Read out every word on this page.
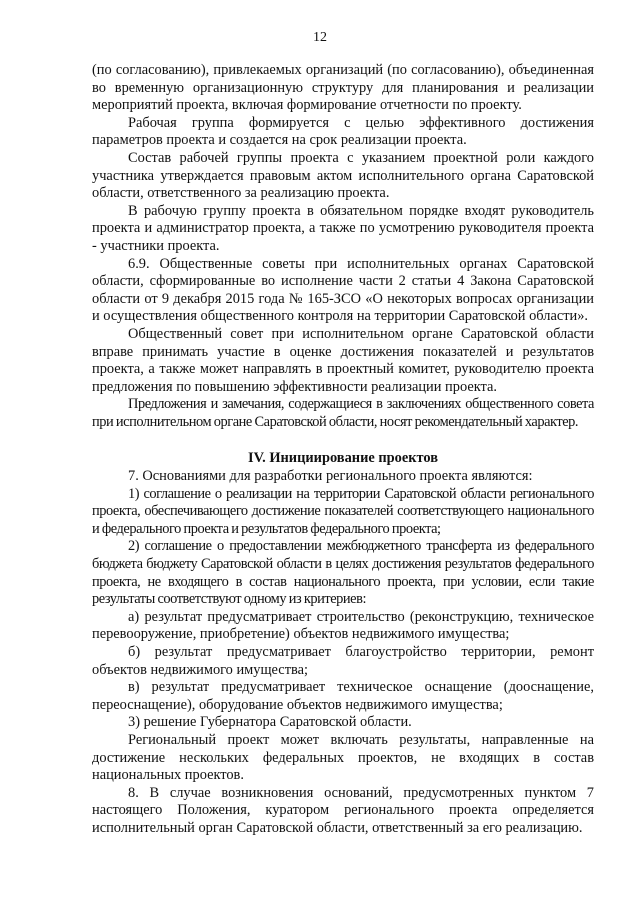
12

(по согласованию), привлекаемых организаций (по согласованию), объединенная во временную организационную структуру для планирования и реализации мероприятий проекта, включая формирование отчетности по проекту.

Рабочая группа формируется с целью эффективного достижения параметров проекта и создается на срок реализации проекта.

Состав рабочей группы проекта с указанием проектной роли каждого участника утверждается правовым актом исполнительного органа Саратовской области, ответственного за реализацию проекта.

В рабочую группу проекта в обязательном порядке входят руководитель проекта и администратор проекта, а также по усмотрению руководителя проекта - участники проекта.

6.9. Общественные советы при исполнительных органах Саратовской области, сформированные во исполнение части 2 статьи 4 Закона Саратовской области от 9 декабря 2015 года № 165-ЗСО «О некоторых вопросах организации и осуществления общественного контроля на территории Саратовской области».

Общественный совет при исполнительном органе Саратовской области вправе принимать участие в оценке достижения показателей и результатов проекта, а также может направлять в проектный комитет, руководителю проекта предложения по повышению эффективности реализации проекта.

Предложения и замечания, содержащиеся в заключениях общественного совета при исполнительном органе Саратовской области, носят рекомендательный характер.

IV. Инициирование проектов

7. Основаниями для разработки регионального проекта являются:

1) соглашение о реализации на территории Саратовской области регионального проекта, обеспечивающего достижение показателей соответствующего национального и федерального проекта и результатов федерального проекта;

2) соглашение о предоставлении межбюджетного трансферта из федерального бюджета бюджету Саратовской области в целях достижения результатов федерального проекта, не входящего в состав национального проекта, при условии, если такие результаты соответствуют одному из критериев:

а) результат предусматривает строительство (реконструкцию, техническое перевооружение, приобретение) объектов недвижимого имущества;

б) результат предусматривает благоустройство территории, ремонт объектов недвижимого имущества;

в) результат предусматривает техническое оснащение (дооснащение, переоснащение), оборудование объектов недвижимого имущества;

3) решение Губернатора Саратовской области.

Региональный проект может включать результаты, направленные на достижение нескольких федеральных проектов, не входящих в состав национальных проектов.

8. В случае возникновения оснований, предусмотренных пунктом 7 настоящего Положения, куратором регионального проекта определяется исполнительный орган Саратовской области, ответственный за его реализацию.
